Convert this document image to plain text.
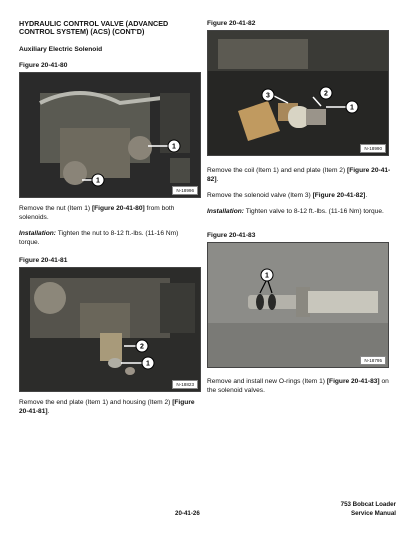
HYDRAULIC CONTROL VALVE (ADVANCED
CONTROL SYSTEM) (ACS) (CONT'D)
Auxiliary Electric Solenoid
Figure 20-41-80
1
1
N-18996
Remove the nut (Item 1) [Figure 20-41-80] from both solenoids.
Installation: Tighten the nut to 8-12 ft.-lbs. (11-16 Nm) torque.
Figure 20-41-81
2
1
N-18823
Remove the end plate (Item 1) and housing (Item 2) [Figure 20-41-81].
Figure 20-41-82
3	2
1
N-18990
Remove the coil (Item 1) and end plate (Item 2) [Figure 20-41-82].
Remove the solenoid valve (Item 3) [Figure 20-41-82].
Installation: Tighten valve to 8-12 ft.-lbs. (11-16 Nm) torque.
Figure 20-41-83
1
N-18795
Remove and install new O-rings (Item 1) [Figure 20-41-83] on the solenoid valves.
20-41-26
753 Bobcat Loader
Service Manual
